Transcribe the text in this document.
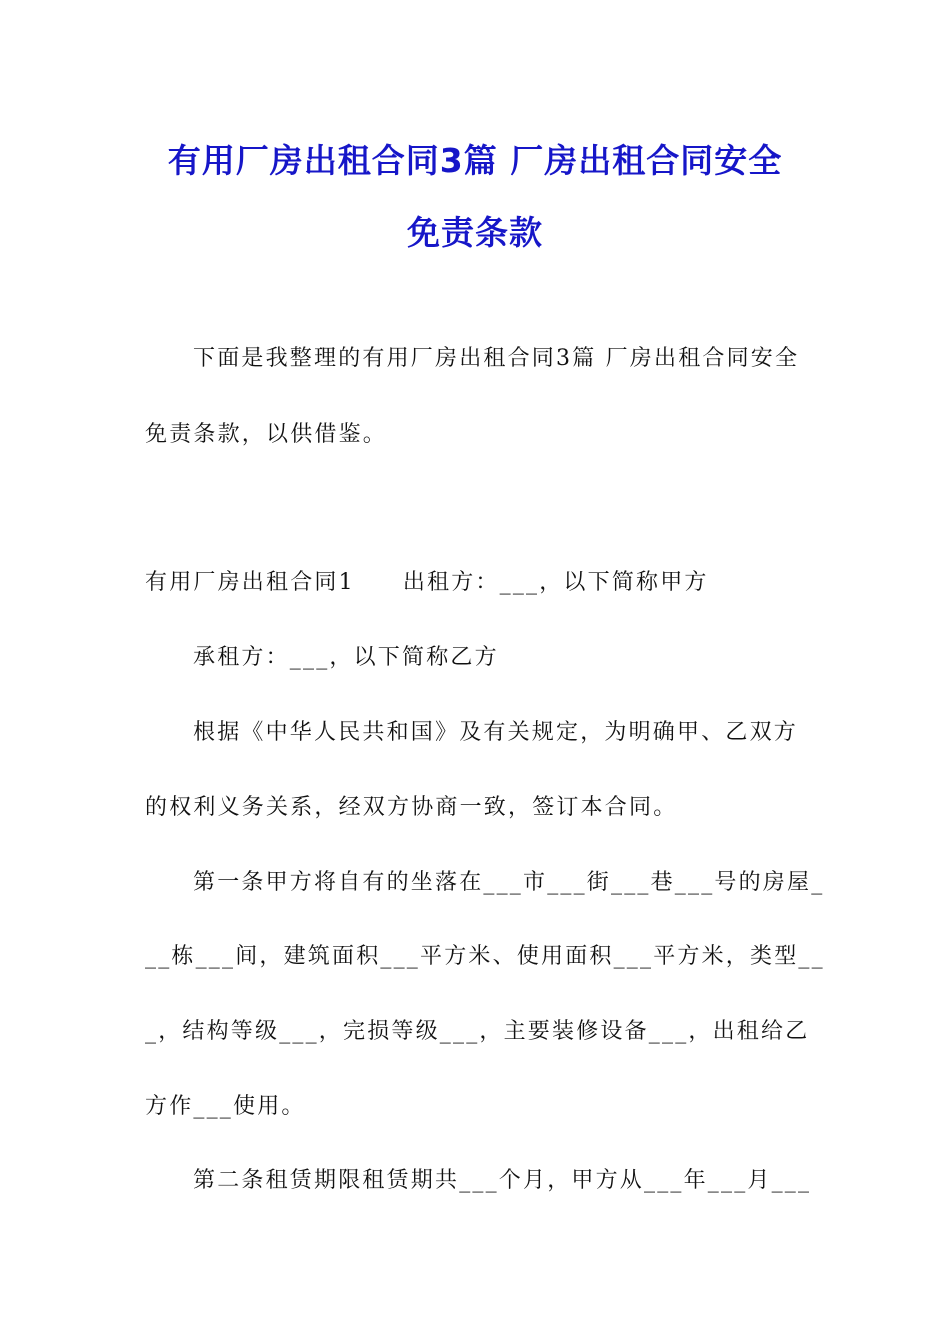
有用厂房出租合同3篇 厂房出租合同安全
免责条款
下面是我整理的有用厂房出租合同3篇 厂房出租合同安全
免责条款，以供借鉴。
有用厂房出租合同1 出租方：___，以下简称甲方
承租方：___，以下简称乙方
根据《中华人民共和国》及有关规定，为明确甲、乙双方
的权利义务关系，经双方协商一致，签订本合同。
第一条甲方将自有的坐落在___市___街___巷___号的房屋_
__栋___间，建筑面积___平方米、使用面积___平方米，类型__
_，结构等级___，完损等级___，主要装修设备___，出租给乙
方作___使用。
第二条租赁期限租赁期共___个月，甲方从___年___月___
